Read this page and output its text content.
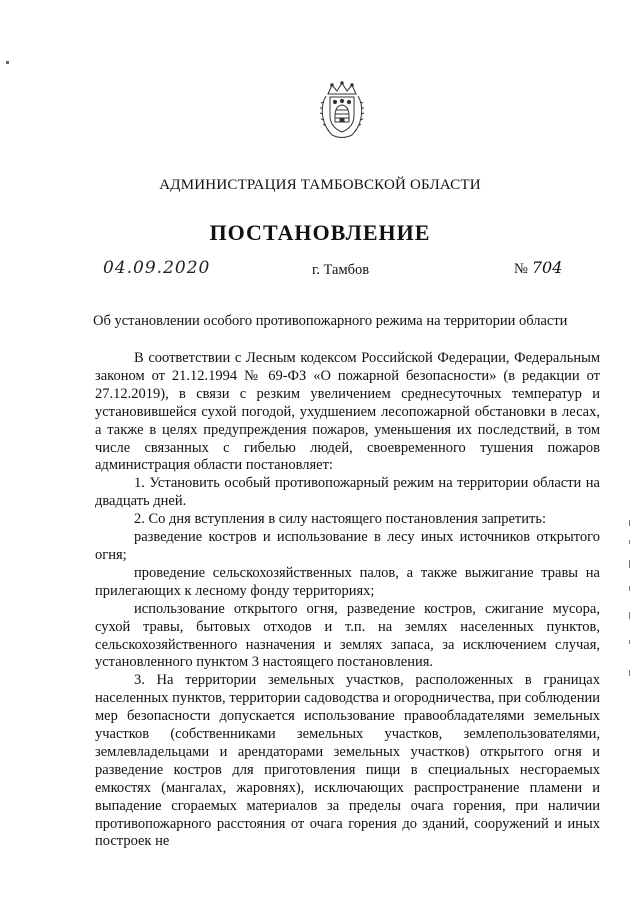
АДМИНИСТРАЦИЯ ТАМБОВСКОЙ ОБЛАСТИ
ПОСТАНОВЛЕНИЕ
04.09.2020	г. Тамбов	№ 704
Об установлении особого противопожарного режима на территории области

В соответствии с Лесным кодексом Российской Федерации, Федеральным законом от 21.12.1994 № 69-ФЗ «О пожарной безопасности» (в редакции от 27.12.2019), в связи с резким увеличением среднесуточных температур и установившейся сухой погодой, ухудшением лесопожарной обстановки в лесах, а также в целях предупреждения пожаров, уменьшения их последствий, в том числе связанных с гибелью людей, своевременного тушения пожаров администрация области постановляет:

1. Установить особый противопожарный режим на территории области на двадцать дней.

2. Со дня вступления в силу настоящего постановления запретить:

разведение костров и использование в лесу иных источников открытого огня;

проведение сельскохозяйственных палов, а также выжигание травы на прилегающих к лесному фонду территориях;

использование открытого огня, разведение костров, сжигание мусора, сухой травы, бытовых отходов и т.п. на землях населенных пунктов, сельскохозяйственного назначения и землях запаса, за исключением случая, установленного пунктом 3 настоящего постановления.

3. На территории земельных участков, расположенных в границах населенных пунктов, территории садоводства и огородничества, при соблюдении мер безопасности допускается использование правообладателями земельных участков (собственниками земельных участков, землепользователями, землевладельцами и арендаторами земельных участков) открытого огня и разведение костров для приготовления пищи в специальных несгораемых емкостях (мангалах, жаровнях), исключающих распространение пламени и выпадение сгораемых материалов за пределы очага горения, при наличии противопожарного расстояния от очага горения до зданий, сооружений и иных построек не
